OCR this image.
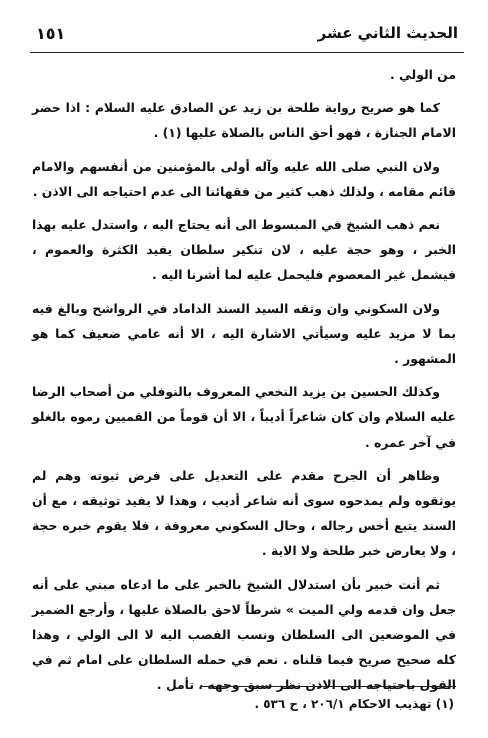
الحديث الثاني عشر
١٥١

من الولي .

كما هو صريح رواية طلحة بن زيد عن الصادق عليه السلام : اذا حضر الامام الجنازة ، فهو أحق الناس بالصلاة عليها (١) .

ولان النبي صلى الله عليه وآله أولى بالمؤمنين من أنفسهم والامام قائم مقامه ، ولذلك ذهب كثير من فقهائنا الى عدم احتياجه الى الاذن .

نعم ذهب الشيخ في المبسوط الى أنه يحتاج اليه ، واستدل عليه بهذا الخبر ، وهو حجة عليه ، لان تنكير سلطان يفيد الكثرة والعموم ، فيشمل غير المعصوم فليحمل عليه لما أشرنا اليه .

ولان السكوني وان وثقه السيد السند الداماد في الرواشح وبالغ فيه بما لا مزيد عليه وسيأتي الاشارة اليه ، الا أنه عامي ضعيف كما هو المشهور .

وكذلك الحسين بن يزيد النخعي المعروف بالنوفلي من أصحاب الرضا عليه السلام وان كان شاعراً أديباً ، الا أن قوماً من القميين رموه بالغلو في آخر عمره .

وظاهر أن الجرح مقدم على التعديل على فرض ثبوته وهم لم يوثقوه ولم يمدحوه سوى أنه شاعر أديب ، وهذا لا يفيد توثيقه ، مع أن السند يتبع أخس رجاله ، وحال السكوني معروفة ، فلا يقوم خبره حجة ، ولا يعارض خبر طلحة ولا الاية .

ثم أنت خبير بأن استدلال الشيخ بالخبر على ما ادعاه مبني على أنه جعل وان قدمه ولي الميت » شرطاً لاحق بالصلاة عليها ، وأرجع الضمير في الموضعين الى السلطان ونسب الفصب اليه لا الى الولي ، وهذا كله صحيح صريح فيما قلناه . نعم في حمله السلطان على امام ثم في القول باحتياجه الى الاذن نظر سبق وجهه ، تأمل .

(١) تهذيب الاحكام ٢٠٦/١ ، ح ٥٣٦ .
